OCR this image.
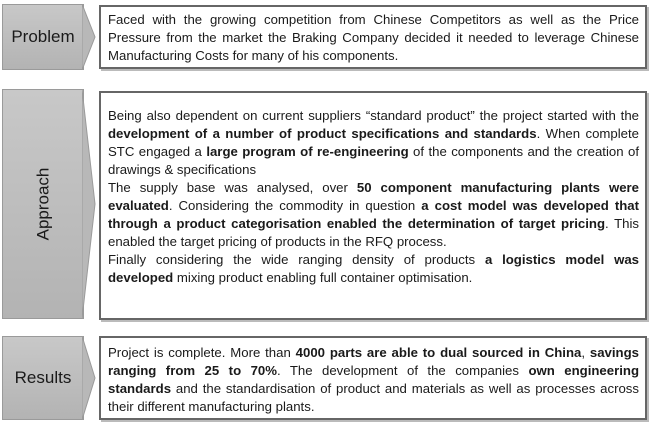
Problem

Faced with the growing competition from Chinese Competitors as well as the Price Pressure from the market the Braking Company decided it needed to leverage Chinese Manufacturing Costs for many of his components.

Approach

Being also dependent on current suppliers “standard product” the project started with the development of a number of product specifications and standards. When complete STC engaged a large program of re-engineering of the components and the creation of drawings & specifications

The supply base was analysed, over 50 component manufacturing plants were evaluated. Considering the commodity in question a cost model was developed that through a product categorisation enabled the determination of target pricing. This enabled the target pricing of products in the RFQ process.

Finally considering the wide ranging density of products a logistics model was developed mixing product enabling full container optimisation.

Results

Project is complete. More than 4000 parts are able to dual sourced in China, savings ranging from 25 to 70%. The development of the companies own engineering standards and the standardisation of product and materials as well as processes across their different manufacturing plants.
